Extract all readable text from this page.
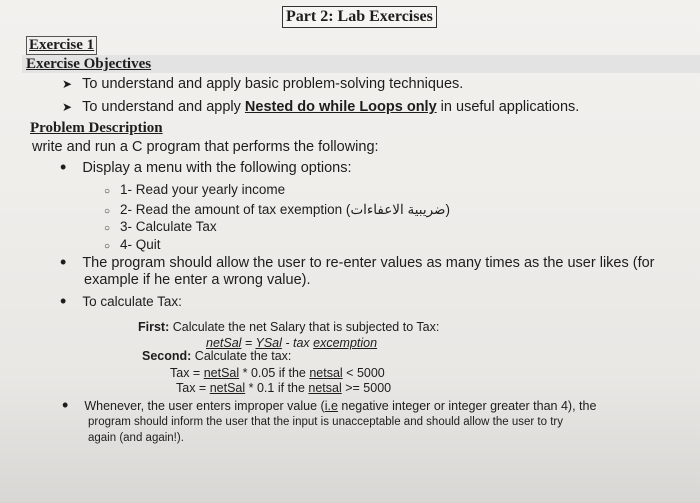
Part 2: Lab Exercises
Exercise 1
Exercise Objectives
➤ To understand and apply basic problem-solving techniques.
➤ To understand and apply Nested do while Loops only in useful applications.
Problem Description
write and run a C program that performs the following:
• Display a menu with the following options:
○ 1- Read your yearly income
○ 2- Read the amount of tax exemption (الاعفاءات ضريبية)
○ 3- Calculate Tax
○ 4- Quit
• The program should allow the user to re-enter values as many times as the user likes (for
example if he enter a wrong value).
• To calculate Tax:
First: Calculate the net Salary that is subjected to Tax:
netSal = YSal - tax excemption
Second: Calculate the tax:
Tax = netSal * 0.05 if the netsal < 5000
Tax = netSal * 0.1 if the netsal >= 5000
• Whenever, the user enters improper value (i.e negative integer or integer greater than 4), the
program should inform the user that the input is unacceptable and should allow the user to try
again (and again!).
